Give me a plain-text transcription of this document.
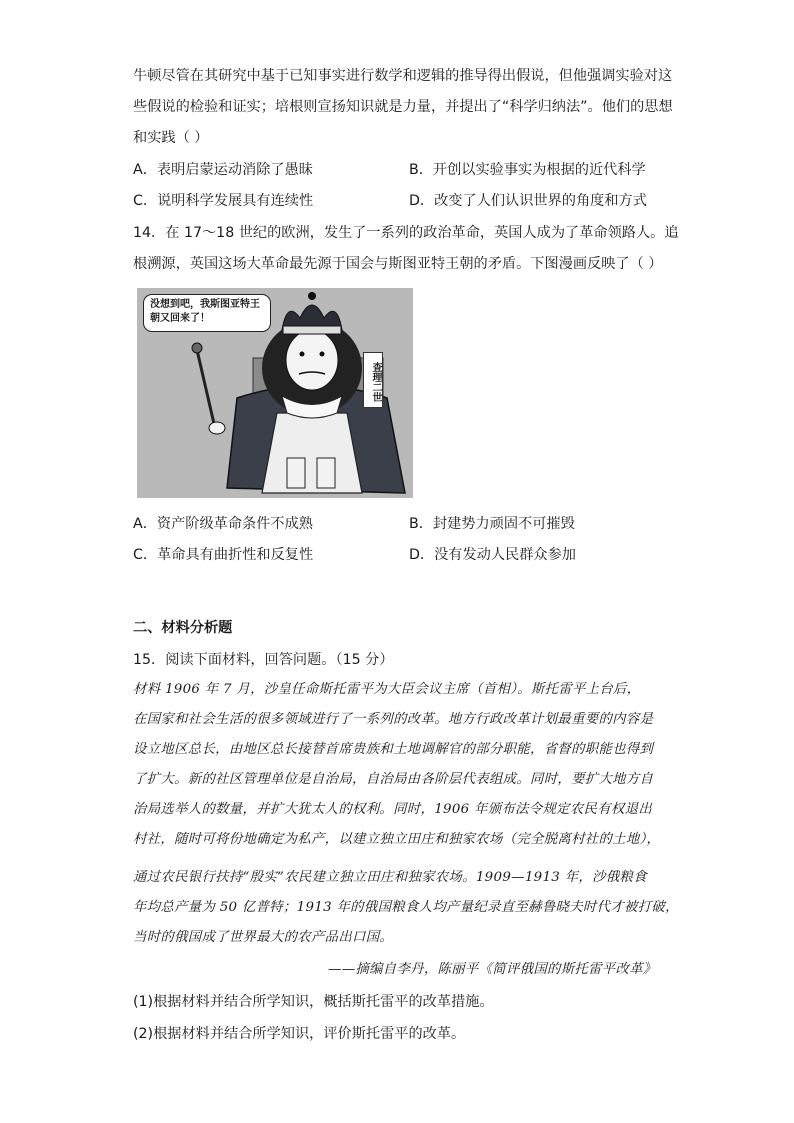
牛顿尽管在其研究中基于已知事实进行数学和逻辑的推导得出假说，但他强调实验对这
些假说的检验和证实；培根则宣扬知识就是力量，并提出了“科学归纳法”。他们的思想
和实践（ ）
A．表明启蒙运动消除了愚昧	B．开创以实验事实为根据的近代科学
C．说明科学发展具有连续性	D．改变了人们认识世界的角度和方式
14．在 17～18 世纪的欧洲，发生了一系列的政治革命，英国人成为了革命领路人。追
根溯源，英国这场大革命最先源于国会与斯图亚特王朝的矛盾。下图漫画反映了（ ）
没想到吧，我斯图亚特王朝又回来了！
查理二世
A．资产阶级革命条件不成熟	B．封建势力顽固不可摧毁
C．革命具有曲折性和反复性	D．没有发动人民群众参加
二、材料分析题
15．阅读下面材料，回答问题。（15 分）
材料 1906 年 7 月，沙皇任命斯托雷平为大臣会议主席（首相）。斯托雷平上台后，
在国家和社会生活的很多领域进行了一系列的改革。地方行政改革计划最重要的内容是
设立地区总长，由地区总长接替首席贵族和土地调解官的部分职能，省督的职能也得到
了扩大。新的社区管理单位是自治局，自治局由各阶层代表组成。同时，要扩大地方自
治局选举人的数量，并扩大犹太人的权利。同时，1906 年颁布法令规定农民有权退出
村社，随时可将份地确定为私产，以建立独立田庄和独家农场（完全脱离村社的土地），
通过农民银行扶持“殷实”农民建立独立田庄和独家农场。1909—1913 年，沙俄粮食
年均总产量为 50 亿普特；1913 年的俄国粮食人均产量纪录直至赫鲁晓夫时代才被打破，
当时的俄国成了世界最大的农产品出口国。
——摘编自李丹，陈丽平《简评俄国的斯托雷平改革》
(1)根据材料并结合所学知识，概括斯托雷平的改革措施。
(2)根据材料并结合所学知识，评价斯托雷平的改革。
